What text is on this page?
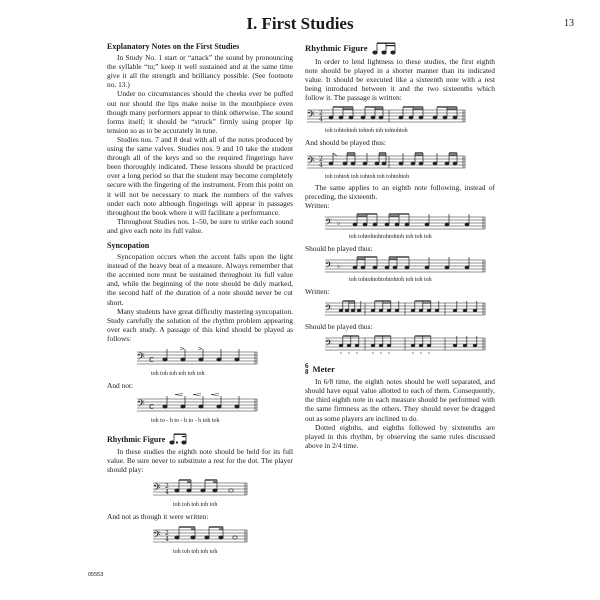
I. First Studies	13
Explanatory Notes on the First Studies

In Study No. 1 start or “attack” the sound by pronouncing the syllable “tu;” keep it well sustained and at the same time give it all the strength and brilliancy possible. (See footnote no. 13.)

Under no circumstances should the cheeks ever be puffed out nor should the lips make noise in the mouthpiece even though many performers appear to think otherwise. The sound forms itself; it should be “struck” firmly using proper lip tension so as to be accurately in tune.

Studies nos. 7 and 8 deal with all of the notes produced by using the same valves. Studies nos. 9 and 10 take the student through all of the keys and so the required fingerings have been thoroughly indicated. These lessons should be practiced over a long period so that the student may become completely secure with the fingering of the instrument. From this point on it will not be necessary to mark the numbers of the valves under each note although fingerings will appear in passages throughout the book where it will facilitate a performance.

Throughout Studies nos. 1–50, be sure to strike each sound and give each note its full value.

Syncopation

Syncopation occurs when the accent falls upon the light instead of the heavy beat of a measure. Always remember that the accented note must be sustained throughout its full value and, while the beginning of the note should be duly marked, the second half of the duration of a note should never be cut short.

Many students have great difficulty mastering syncopation. Study carefully the solution of the rhythm problem appearing over each study. A passage of this kind should be played as follows:

𝄢 c
toh toh toh toh toh toh
And not:
𝄢 c
toh to - h to - h to - h toh toh
Rhythmic Figure

In these studies the eighth note should be held for its full value. Be sure never to substitute a rest for the dot. The player should play:

𝄢 2
4
toh toh toh toh toh
And not as though it were written:
𝄢 2
4
toh toh toh toh toh
Rhythmic Figure

In order to lend lightness to these studies, the first eighth note should be played in a shorter manner than its indicated value. It should be executed like a sixteenth note with a rest being introduced between it and the two sixteenths which follow it. The passage is written:

𝄢 2
4
toh tohtohtoh tohtoh toh tohtohtoh
And should be played thus:
𝄢 2
4
toh tohtoh toh tohtoh toh tohtohtoh

The same applies to an eighth note following, instead of preceding, the sixteenth.

Written:
𝄢 ♭
toh tohtohtohtohtohtoh toh toh toh
Should be played thus:
𝄢 ♭
toh tohtohtohtohtohtoh toh toh toh
Written:
𝄢
Should be played thus:
𝄢
6
8 Meter

In 6/8 time, the eighth notes should be well separated, and should have equal value allotted to each of them. Consequently, the third eighth note in each measure should be performed with the same firmness as the others. They should never be dragged out as some players are inclined to do.

Dotted eighths, and eighths followed by sixteenths are played in this rhythm, by observing the same rules discussed above in 2/4 time.

05553
